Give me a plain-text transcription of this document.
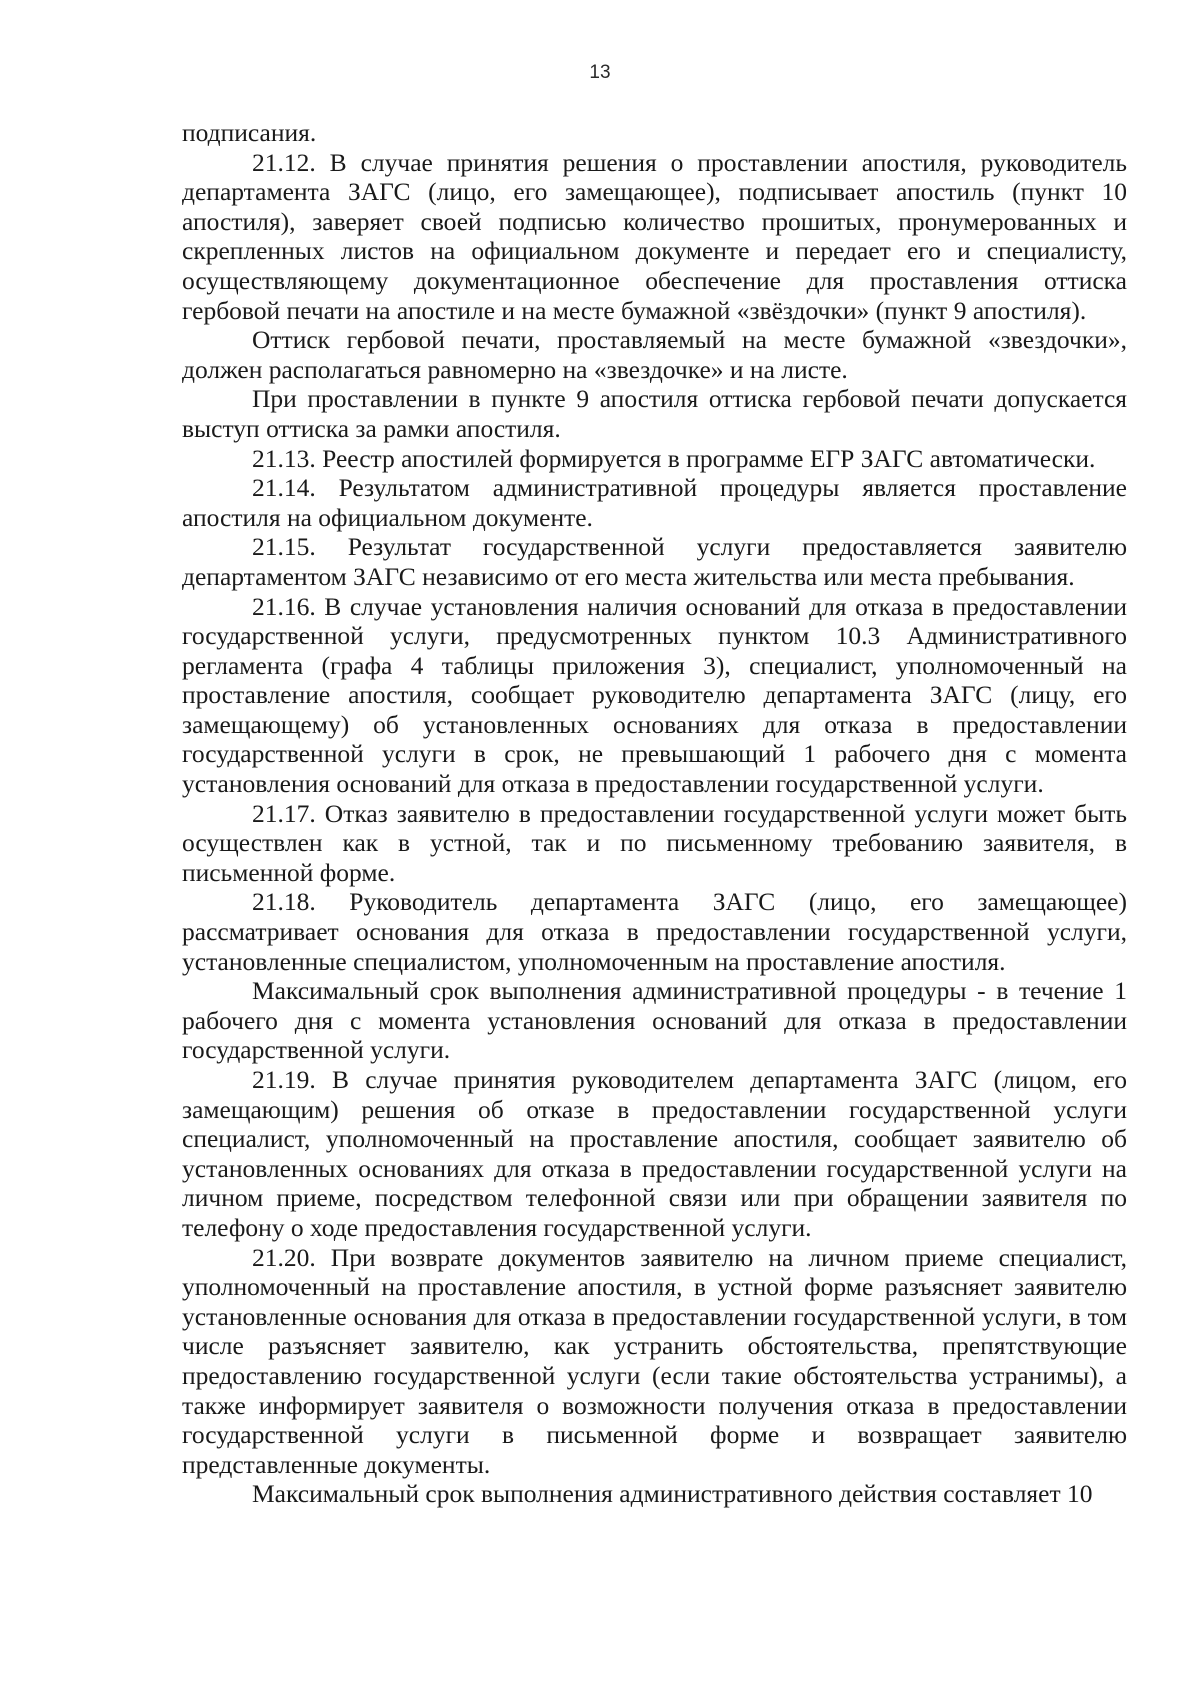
13

подписания.

21.12. В случае принятия решения о проставлении апостиля, руководитель департамента ЗАГС (лицо, его замещающее), подписывает апостиль (пункт 10 апостиля), заверяет своей подписью количество прошитых, пронумерованных и скрепленных листов на официальном документе и передает его и специалисту, осуществляющему документационное обеспечение для проставления оттиска гербовой печати на апостиле и на месте бумажной «звёздочки» (пункт 9 апостиля).

Оттиск гербовой печати, проставляемый на месте бумажной «звездочки», должен располагаться равномерно на «звездочке» и на листе.

При проставлении в пункте 9 апостиля оттиска гербовой печати допускается выступ оттиска за рамки апостиля.

21.13. Реестр апостилей формируется в программе ЕГР ЗАГС автоматически.

21.14. Результатом административной процедуры является проставление апостиля на официальном документе.

21.15. Результат государственной услуги предоставляется заявителю департаментом ЗАГС независимо от его места жительства или места пребывания.

21.16. В случае установления наличия оснований для отказа в предоставлении государственной услуги, предусмотренных пунктом 10.3 Административного регламента (графа 4 таблицы приложения 3), специалист, уполномоченный на проставление апостиля, сообщает руководителю департамента ЗАГС (лицу, его замещающему) об установленных основаниях для отказа в предоставлении государственной услуги в срок, не превышающий 1 рабочего дня с момента установления оснований для отказа в предоставлении государственной услуги.

21.17. Отказ заявителю в предоставлении государственной услуги может быть осуществлен как в устной, так и по письменному требованию заявителя, в письменной форме.

21.18. Руководитель департамента ЗАГС (лицо, его замещающее) рассматривает основания для отказа в предоставлении государственной услуги, установленные специалистом, уполномоченным на проставление апостиля.

Максимальный срок выполнения административной процедуры - в течение 1 рабочего дня с момента установления оснований для отказа в предоставлении государственной услуги.

21.19. В случае принятия руководителем департамента ЗАГС (лицом, его замещающим) решения об отказе в предоставлении государственной услуги специалист, уполномоченный на проставление апостиля, сообщает заявителю об установленных основаниях для отказа в предоставлении государственной услуги на личном приеме, посредством телефонной связи или при обращении заявителя по телефону о ходе предоставления государственной услуги.

21.20. При возврате документов заявителю на личном приеме специалист, уполномоченный на проставление апостиля, в устной форме разъясняет заявителю установленные основания для отказа в предоставлении государственной услуги, в том числе разъясняет заявителю, как устранить обстоятельства, препятствующие предоставлению государственной услуги (если такие обстоятельства устранимы), а также информирует заявителя о возможности получения отказа в предоставлении государственной услуги в письменной форме и возвращает заявителю представленные документы.

Максимальный срок выполнения административного действия составляет 10
